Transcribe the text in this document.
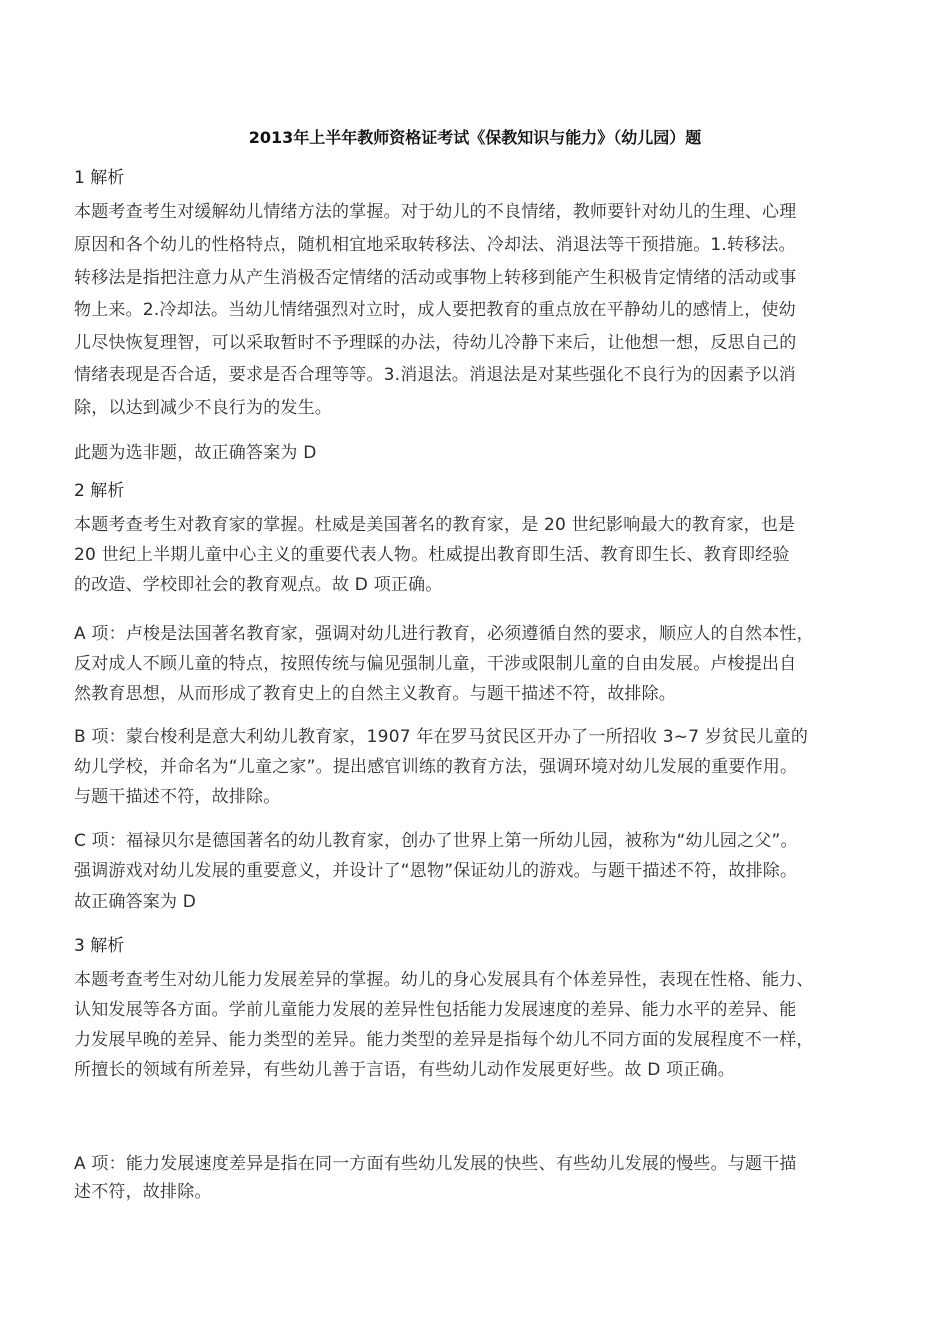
2013年上半年教师资格证考试《保教知识与能力》（幼儿园）题
1 解析
本题考查考生对缓解幼儿情绪方法的掌握。对于幼儿的不良情绪，教师要针对幼儿的生理、心理
原因和各个幼儿的性格特点，随机相宜地采取转移法、冷却法、消退法等干预措施。1.转移法。
转移法是指把注意力从产生消极否定情绪的活动或事物上转移到能产生积极肯定情绪的活动或事
物上来。2.冷却法。当幼儿情绪强烈对立时，成人要把教育的重点放在平静幼儿的感情上，使幼
儿尽快恢复理智，可以采取暂时不予理睬的办法，待幼儿冷静下来后，让他想一想，反思自己的
情绪表现是否合适，要求是否合理等等。3.消退法。消退法是对某些强化不良行为的因素予以消
除，以达到减少不良行为的发生。
此题为选非题，故正确答案为 D
2 解析
本题考查考生对教育家的掌握。杜威是美国著名的教育家，是 20 世纪影响最大的教育家，也是
20 世纪上半期儿童中心主义的重要代表人物。杜威提出教育即生活、教育即生长、教育即经验
的改造、学校即社会的教育观点。故 D 项正确。
A 项：卢梭是法国著名教育家，强调对幼儿进行教育，必须遵循自然的要求，顺应人的自然本性，
反对成人不顾儿童的特点，按照传统与偏见强制儿童，干涉或限制儿童的自由发展。卢梭提出自
然教育思想，从而形成了教育史上的自然主义教育。与题干描述不符，故排除。
B 项：蒙台梭利是意大利幼儿教育家，1907 年在罗马贫民区开办了一所招收 3~7 岁贫民儿童的
幼儿学校，并命名为“儿童之家”。提出感官训练的教育方法，强调环境对幼儿发展的重要作用。
与题干描述不符，故排除。
C 项：福禄贝尔是德国著名的幼儿教育家，创办了世界上第一所幼儿园，被称为“幼儿园之父”。
强调游戏对幼儿发展的重要意义，并设计了“恩物”保证幼儿的游戏。与题干描述不符，故排除。
故正确答案为 D
3 解析
本题考查考生对幼儿能力发展差异的掌握。幼儿的身心发展具有个体差异性，表现在性格、能力、
认知发展等各方面。学前儿童能力发展的差异性包括能力发展速度的差异、能力水平的差异、能
力发展早晚的差异、能力类型的差异。能力类型的差异是指每个幼儿不同方面的发展程度不一样，
所擅长的领域有所差异，有些幼儿善于言语，有些幼儿动作发展更好些。故 D 项正确。
A 项：能力发展速度差异是指在同一方面有些幼儿发展的快些、有些幼儿发展的慢些。与题干描
述不符，故排除。
